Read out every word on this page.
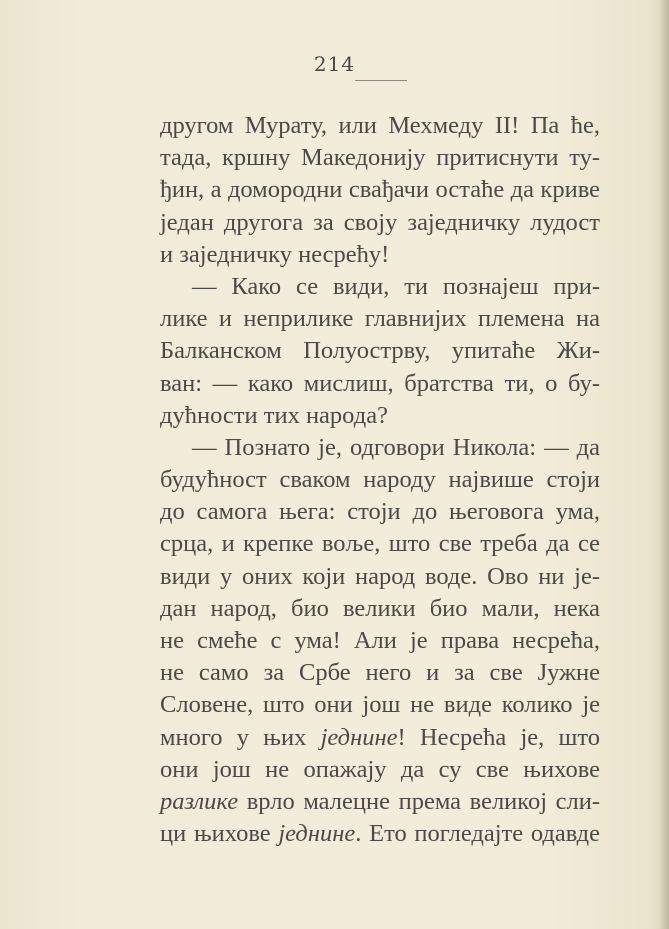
214
другом Мурату, или Мехмеду II! Па ће,
тада, кршну Македонију притиснути ту-
ђин, а домородни свађачи остаће да криве
један другога за своју заједничку лудост
и заједничку несрећу!
— Како се види, ти познајеш при-
лике и неприлике главнијих племена на
Балканском Полуострву, упитаће Жи-
ван: — како мислиш, братства ти, о бу-
дућности тих народа?
— Познато је, одговори Никола: — да
будућност сваком народу највише стоји
до самога њега: стоји до његовога ума,
срца, и крепке воље, што све треба да се
види у оних који народ воде. Ово ни је-
дан народ, био велики био мали, нека
не смеће с ума! Али је права несрећа,
не само за Србе него и за све Јужне
Словене, што они још не виде колико је
много у њих једнине! Несрећа је, што
они још не опажају да су све њихове
разлике врло малецне према великој сли-
ци њихове једнине. Ето погледајте одавде
